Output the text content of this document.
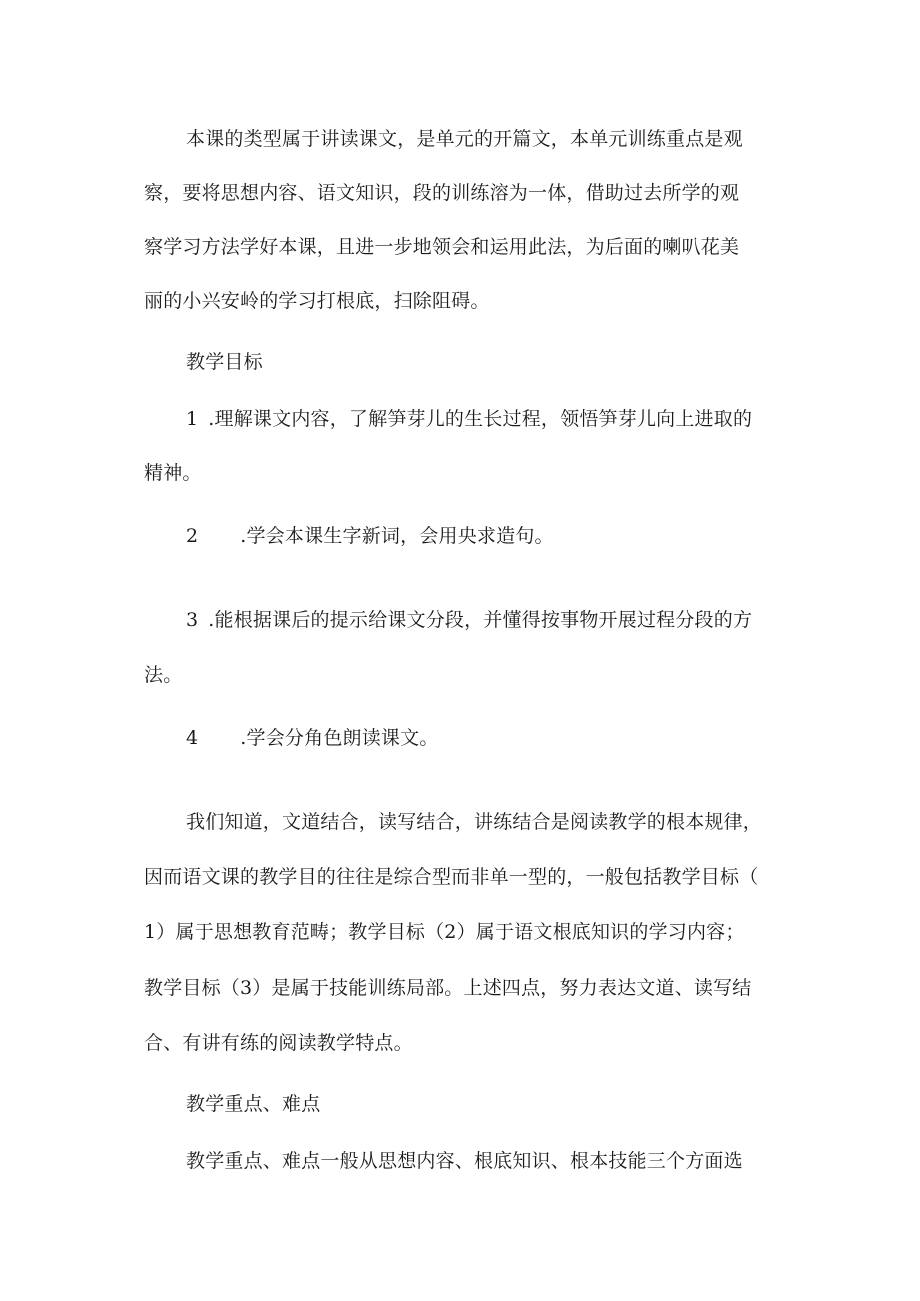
本课的类型属于讲读课文，是单元的开篇文，本单元训练重点是观
察，要将思想内容、语文知识，段的训练溶为一体，借助过去所学的观
察学习方法学好本课，且进一步地领会和运用此法，为后面的喇叭花美
丽的小兴安岭的学习打根底，扫除阻碍。
教学目标
1 .理解课文内容，了解笋芽儿的生长过程，领悟笋芽儿向上进取的
精神。
2 .学会本课生字新词，会用央求造句。
3 .能根据课后的提示给课文分段，并懂得按事物开展过程分段的方
法。
4 .学会分角色朗读课文。
我们知道，文道结合，读写结合，讲练结合是阅读教学的根本规律，
因而语文课的教学目的往往是综合型而非单一型的，一般包括教学目标（
1）属于思想教育范畴；教学目标（2）属于语文根底知识的学习内容；
教学目标（3）是属于技能训练局部。上述四点，努力表达文道、读写结
合、有讲有练的阅读教学特点。
教学重点、难点
教学重点、难点一般从思想内容、根底知识、根本技能三个方面选
